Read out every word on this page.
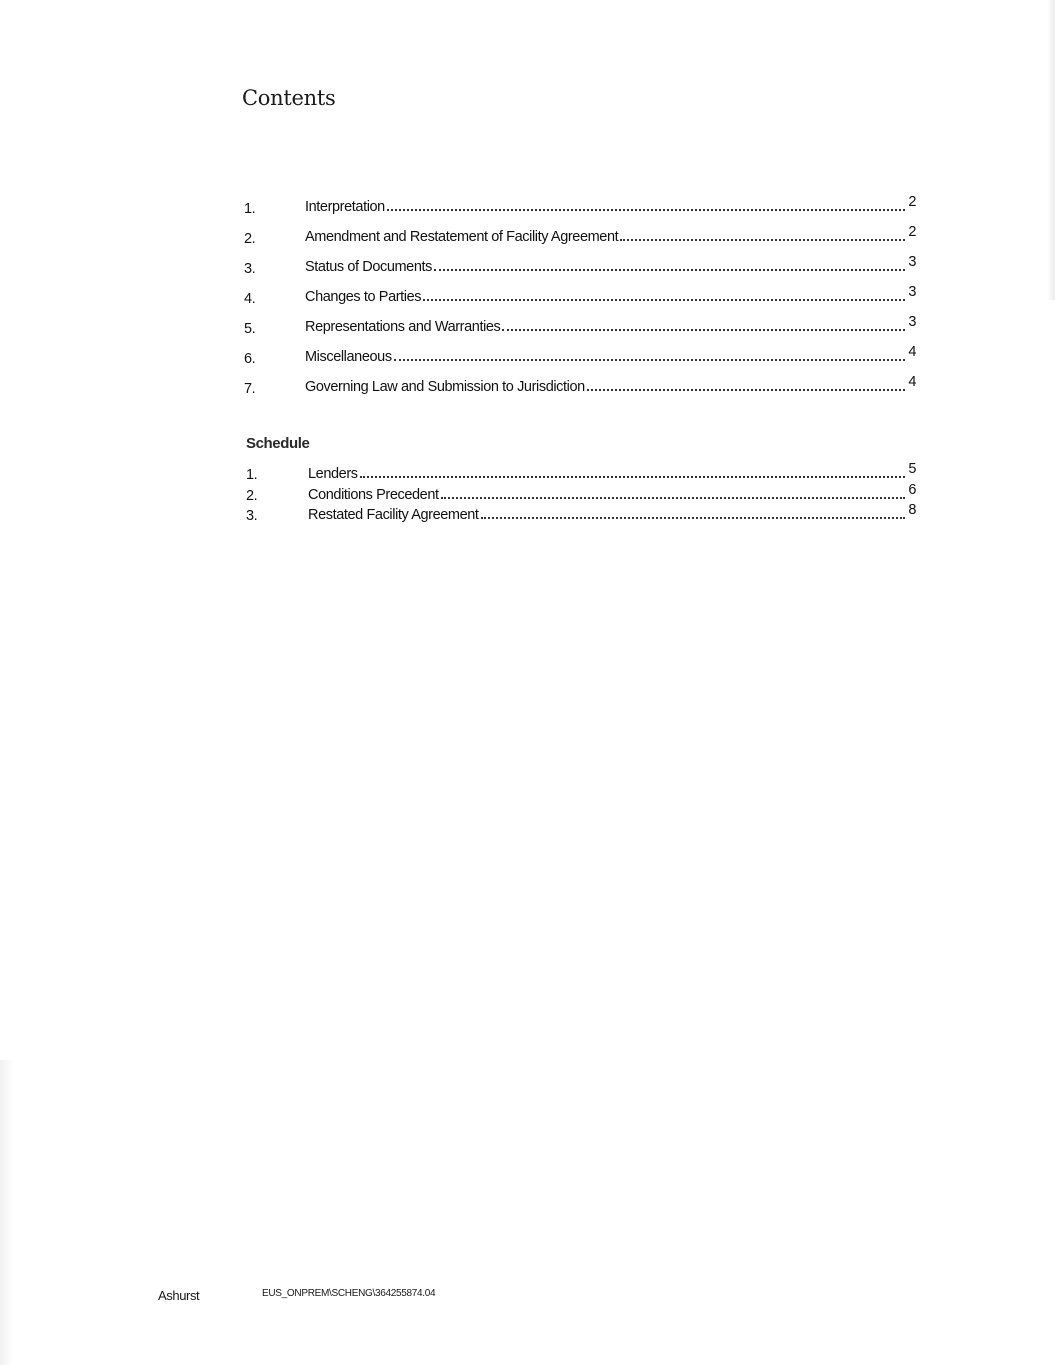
Contents
1.	Interpretation	2
2.	Amendment and Restatement of Facility Agreement	2
3.	Status of Documents	3
4.	Changes to Parties	3
5.	Representations and Warranties	3
6.	Miscellaneous	4
7.	Governing Law and Submission to Jurisdiction	4
Schedule
1.	Lenders	5
2.	Conditions Precedent	6
3.	Restated Facility Agreement	8
Ashurst	EUS_ONPREM\SCHENG\364255874.04
